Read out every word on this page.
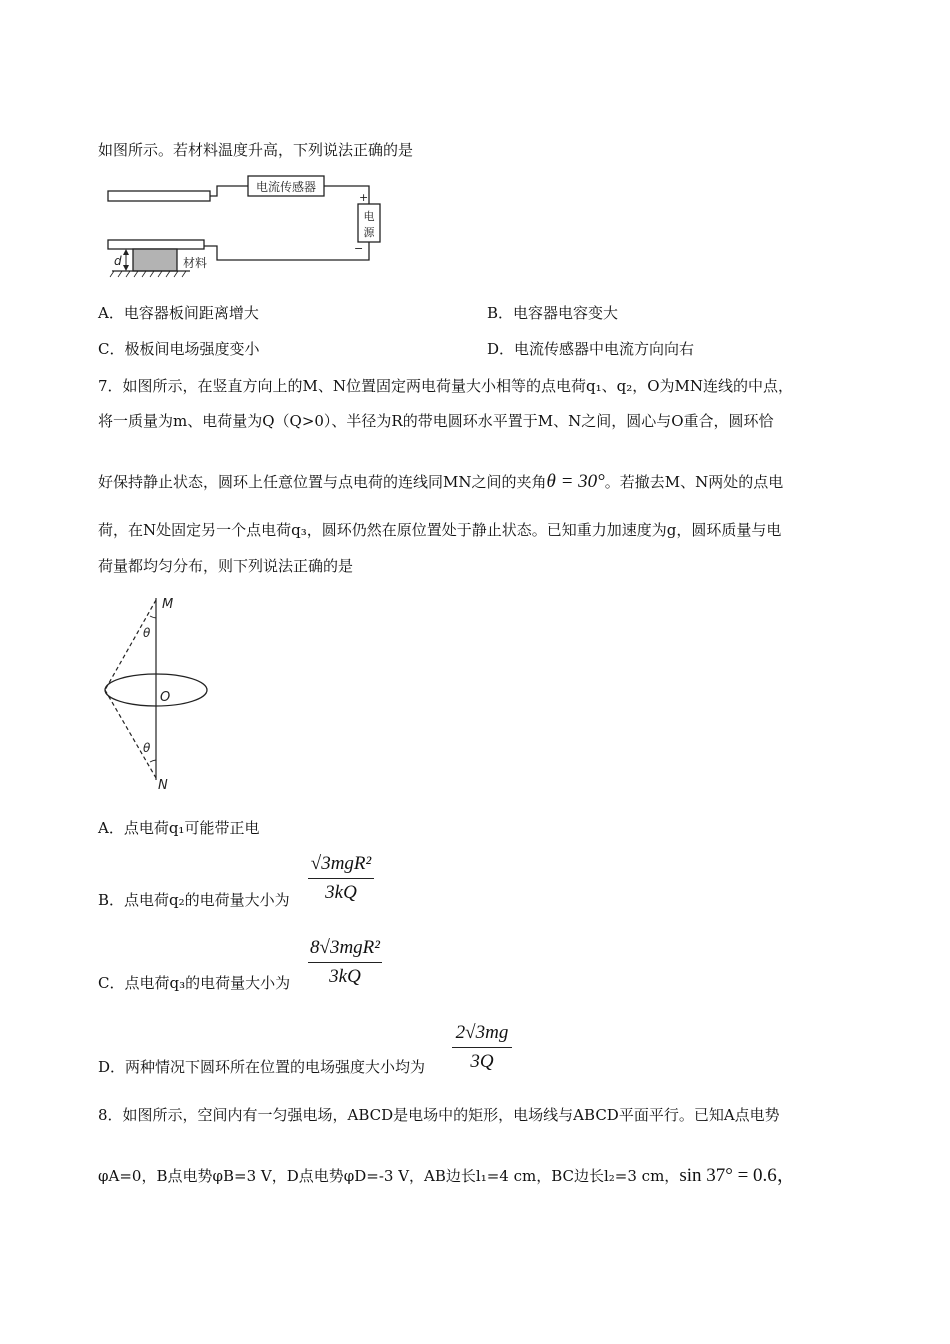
如图所示。若材料温度升高，下列说法正确的是
电流传感器
+
电
源
−
材料
d
A．电容器板间距离增大	B．电容器电容变大
C．极板间电场强度变小	D．电流传感器中电流方向向右
7．如图所示，在竖直方向上的M、N位置固定两电荷量大小相等的点电荷q₁、q₂，O为MN连线的中点，
将一质量为m、电荷量为Q（Q>0）、半径为R的带电圆环水平置于M、N之间，圆心与O重合，圆环恰
好保持静止状态，圆环上任意位置与点电荷的连线同MN之间的夹角θ = 30°。若撤去M、N两处的点电
荷，在N处固定另一个点电荷q₃，圆环仍然在原位置处于静止状态。已知重力加速度为g，圆环质量与电
荷量都均匀分布，则下列说法正确的是
M
θ
O
θ
N
A．点电荷q₁可能带正电
B．点电荷q₂的电荷量大小为
√3mgR²
3kQ
C．点电荷q₃的电荷量大小为
8√3mgR²
3kQ
D．两种情况下圆环所在位置的电场强度大小均为
2√3mg
3Q
8．如图所示，空间内有一匀强电场，ABCD是电场中的矩形，电场线与ABCD平面平行。已知A点电势
φA=0，B点电势φB=3 V，D点电势φD=-3 V，AB边长l₁=4 cm，BC边长l₂=3 cm，sin 37° = 0.6，
